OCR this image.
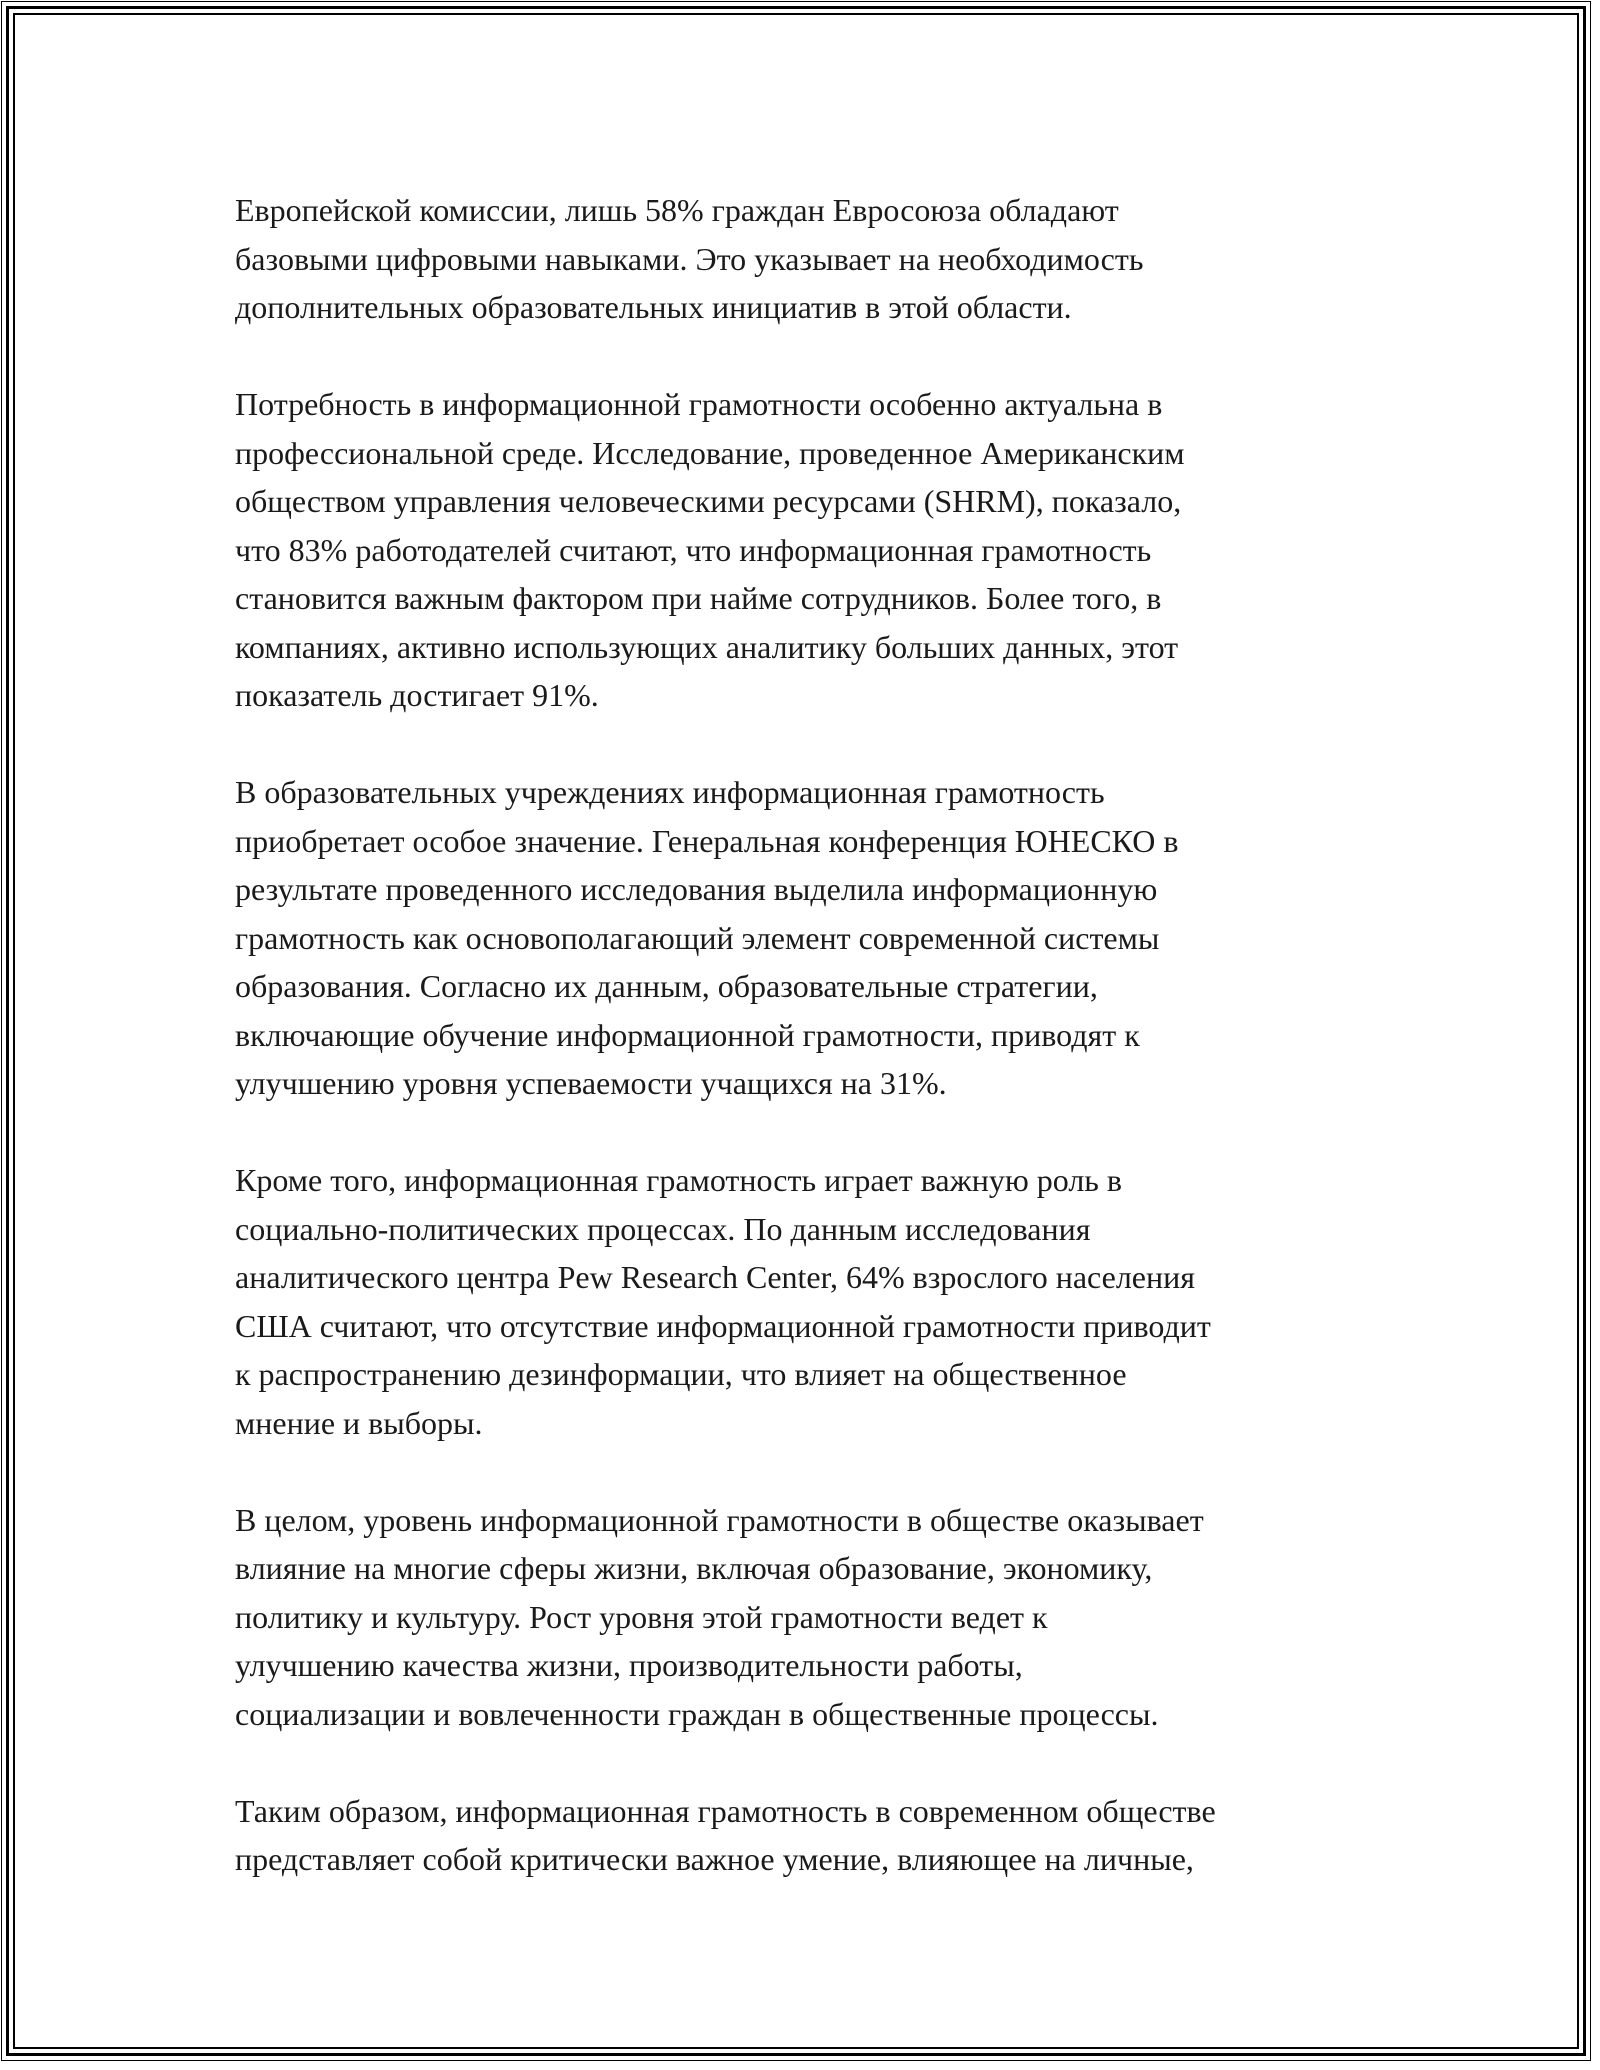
Европейской комиссии, лишь 58% граждан Евросоюза обладают
базовыми цифровыми навыками. Это указывает на необходимость
дополнительных образовательных инициатив в этой области.

Потребность в информационной грамотности особенно актуальна в
профессиональной среде. Исследование, проведенное Американским
обществом управления человеческими ресурсами (SHRM), показало,
что 83% работодателей считают, что информационная грамотность
становится важным фактором при найме сотрудников. Более того, в
компаниях, активно использующих аналитику больших данных, этот
показатель достигает 91%.

В образовательных учреждениях информационная грамотность
приобретает особое значение. Генеральная конференция ЮНЕСКО в
результате проведенного исследования выделила информационную
грамотность как основополагающий элемент современной системы
образования. Согласно их данным, образовательные стратегии,
включающие обучение информационной грамотности, приводят к
улучшению уровня успеваемости учащихся на 31%.

Кроме того, информационная грамотность играет важную роль в
социально-политических процессах. По данным исследования
аналитического центра Pew Research Center, 64% взрослого населения
США считают, что отсутствие информационной грамотности приводит
к распространению дезинформации, что влияет на общественное
мнение и выборы.

В целом, уровень информационной грамотности в обществе оказывает
влияние на многие сферы жизни, включая образование, экономику,
политику и культуру. Рост уровня этой грамотности ведет к
улучшению качества жизни, производительности работы,
социализации и вовлеченности граждан в общественные процессы.

Таким образом, информационная грамотность в современном обществе
представляет собой критически важное умение, влияющее на личные,
